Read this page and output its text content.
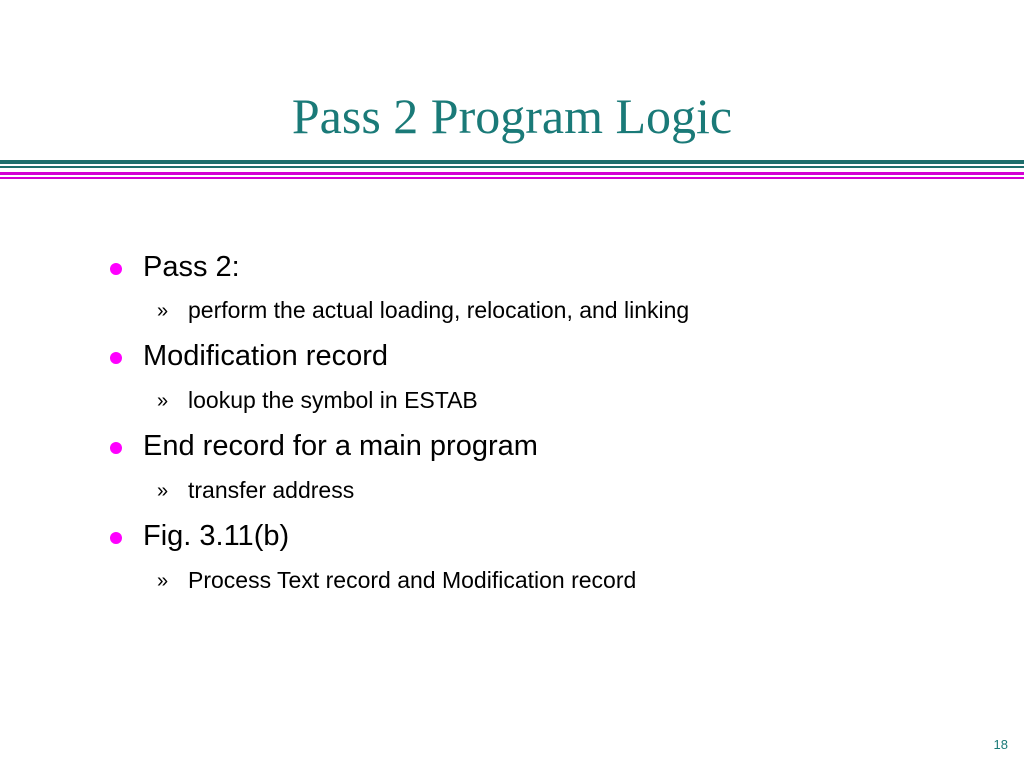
Pass 2 Program Logic
Pass 2:
» perform the actual loading, relocation, and linking
Modification record
» lookup the symbol in ESTAB
End record for a main program
» transfer address
Fig. 3.11(b)
» Process Text record and Modification record
18
